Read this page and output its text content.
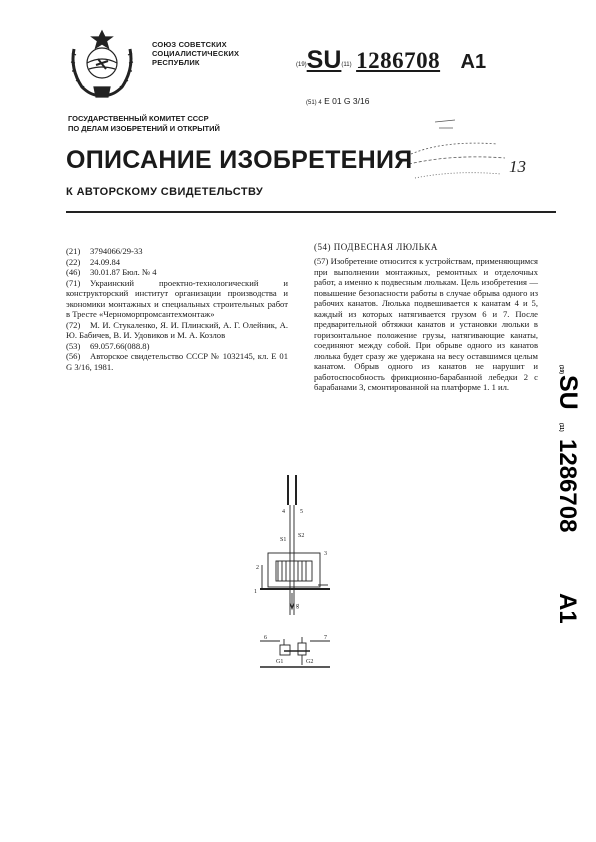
СОЮЗ СОВЕТСКИХ
СОЦИАЛИСТИЧЕСКИХ
РЕСПУБЛИК	(19)SU(11) 1286708 A1
(51) 4 Е 01 G 3/16
ГОСУДАРСТВЕННЫЙ КОМИТЕТ СССР
ПО ДЕЛАМ ИЗОБРЕТЕНИЙ И ОТКРЫТИЙ
13
ОПИСАНИЕ ИЗОБРЕТЕНИЯ
К АВТОРСКОМУ СВИДЕТЕЛЬСТВУ
(21) 3794066/29-33
(22) 24.09.84
(46) 30.01.87 Бюл. № 4
(71) Украинский проектно-технологический и конструкторский институт организации производства и экономики монтажных и специальных строительных работ в Тресте «Черноморпромсантехмонтаж»
(72) М. И. Стукаленко, Я. И. Плинский, А. Г. Олейник, А. Ю. Бабичев, В. И. Удовиков и М. А. Козлов
(53) 69.057.66(088.8)
(56) Авторское свидетельство СССР № 1032145, кл. Е 01 G 3/16, 1981.
(54) ПОДВЕСНАЯ ЛЮЛЬКА
(57) Изобретение относится к устройствам, применяющимся при выполнении монтажных, ремонтных и отделочных работ, а именно к подвесным люлькам. Цель изобретения — повышение безопасности работы в случае обрыва одного из рабочих канатов. Люлька подвешивается к канатам 4 и 5, каждый из которых натягивается грузом 6 и 7. После предварительной обтяжки канатов и установки люльки в горизонтальное положение грузы, натягивающие канаты, соединяют между собой. При обрыве одного из канатов люлька будет сразу же удержана на весу оставшимся целым канатом. Обрыв одного из канатов не нарушит и работоспособность фрикционно-барабанной лебедки 2 с барабанами 3, смонтированной на платформе 1. 1 ил.
(19)
SU
(11)
1286708
A1
4	5
S1
S2
3
2
1
g
6	7
G1	G2
